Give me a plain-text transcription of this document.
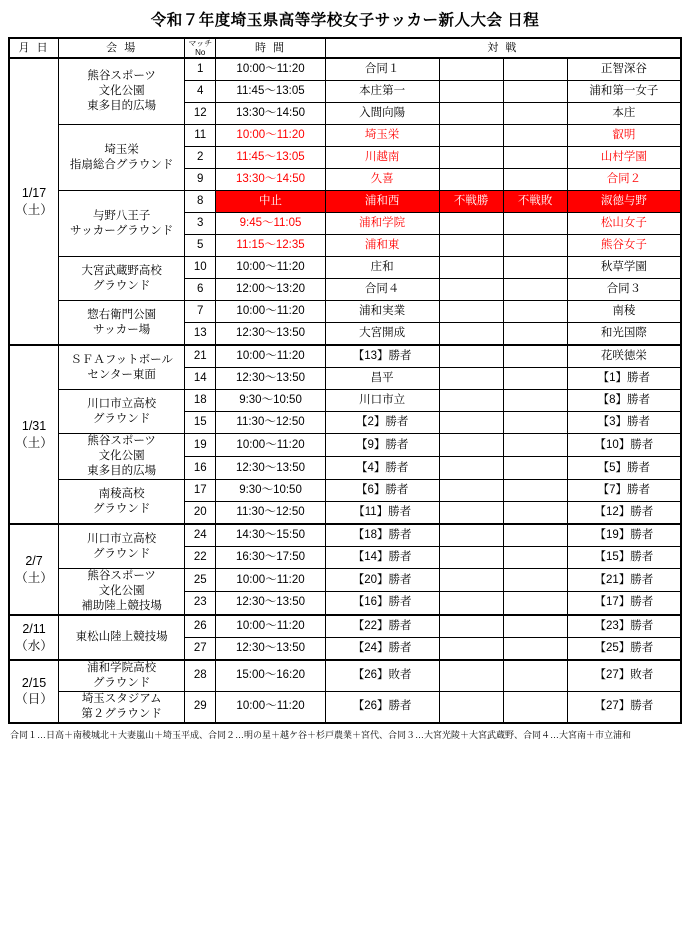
令和７年度埼玉県高等学校女子サッカー新人大会 日程
月 日	会 場	マッチNo	時 間	対 戦			
1/17
（土）	熊谷スポーツ
文化公園
東多目的広場	1	10:00～11:20	合同１			正智深谷
		4	11:45～13:05	本庄第一			浦和第一女子
		12	13:30～14:50	入間向陽			本庄
	埼玉栄
指扇総合グラウンド	11	10:00～11:20	埼玉栄			叡明
		2	11:45～13:05	川越南			山村学園
		9	13:30～14:50	久喜			合同２
	与野八王子
サッカーグラウンド	8	中止	浦和西	不戦勝	不戦敗	淑徳与野
		3	9:45～11:05	浦和学院			松山女子
		5	11:15～12:35	浦和東			熊谷女子
	大宮武蔵野高校
グラウンド	10	10:00～11:20	庄和			秋草学園
		6	12:00～13:20	合同４			合同３
	惣右衛門公園
サッカー場	7	10:00～11:20	浦和実業			南稜
		13	12:30～13:50	大宮開成			和光国際
1/31
（土）	ＳＦＡフットボール
センター東面	21	10:00～11:20	【13】勝者			花咲徳栄
		14	12:30～13:50	昌平			【1】勝者
	川口市立高校
グラウンド	18	9:30～10:50	川口市立			【8】勝者
		15	11:30～12:50	【2】勝者			【3】勝者
	熊谷スポーツ
文化公園
東多目的広場	19	10:00～11:20	【9】勝者			【10】勝者
		16	12:30～13:50	【4】勝者			【5】勝者
	南稜高校
グラウンド	17	9:30～10:50	【6】勝者			【7】勝者
		20	11:30～12:50	【11】勝者			【12】勝者
2/7
（土）	川口市立高校
グラウンド	24	14:30～15:50	【18】勝者			【19】勝者
		22	16:30～17:50	【14】勝者			【15】勝者
	熊谷スポーツ
文化公園
補助陸上競技場	25	10:00～11:20	【20】勝者			【21】勝者
		23	12:30～13:50	【16】勝者			【17】勝者
2/11
（水）	東松山陸上競技場	26	10:00～11:20	【22】勝者			【23】勝者
		27	12:30～13:50	【24】勝者			【25】勝者
2/15
（日）	浦和学院高校
グラウンド	28	15:00～16:20	【26】敗者			【27】敗者
	埼玉スタジアム
第２グラウンド	29	10:00～11:20	【26】勝者			【27】勝者
合同１…日高＋南稜城北＋大妻嵐山＋埼玉平成、合同２…明の星＋越ケ谷＋杉戸農業＋宮代、合同３…大宮光陵＋大宮武蔵野、合同４…大宮南＋市立浦和
